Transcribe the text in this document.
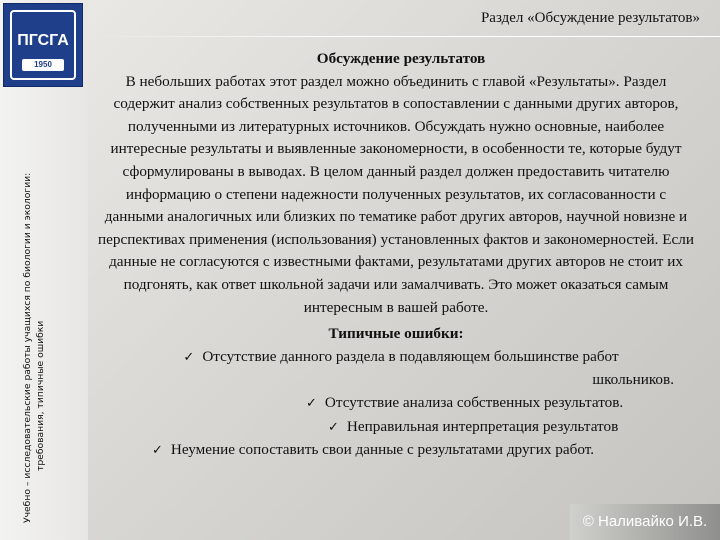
ПГСГА
1950
Учебно – исследовательские работы учащихся по биологии и экологии: требования, типичные ошибки
Раздел «Обсуждение результатов»
Обсуждение результатов
В небольших работах этот раздел можно объединить с главой «Результаты». Раздел содержит анализ собственных результатов в сопоставлении с данными других авторов, полученными из литературных источников. Обсуждать нужно основные, наиболее интересные результаты и выявленные закономерности, в особенности те, которые будут сформулированы в выводах. В целом данный раздел должен предоставить читателю информацию о степени надежности полученных результатов, их согласованности с данными аналогичных или близких по тематике работ других авторов, научной новизне и перспективах применения (использования) установленных фактов и закономерностей. Если данные не согласуются с известными фактами, результатами других авторов не стоит их подгонять, как ответ школьной задачи или замалчивать. Это может оказаться самым интересным в вашей работе.
Типичные ошибки:
✓ Отсутствие данного раздела в подавляющем большинстве работ
школьников.
✓ Отсутствие анализа собственных результатов.
✓ Неправильная интерпретация результатов
✓ Неумение сопоставить свои данные с результатами других работ.
© Наливайко И.В.
